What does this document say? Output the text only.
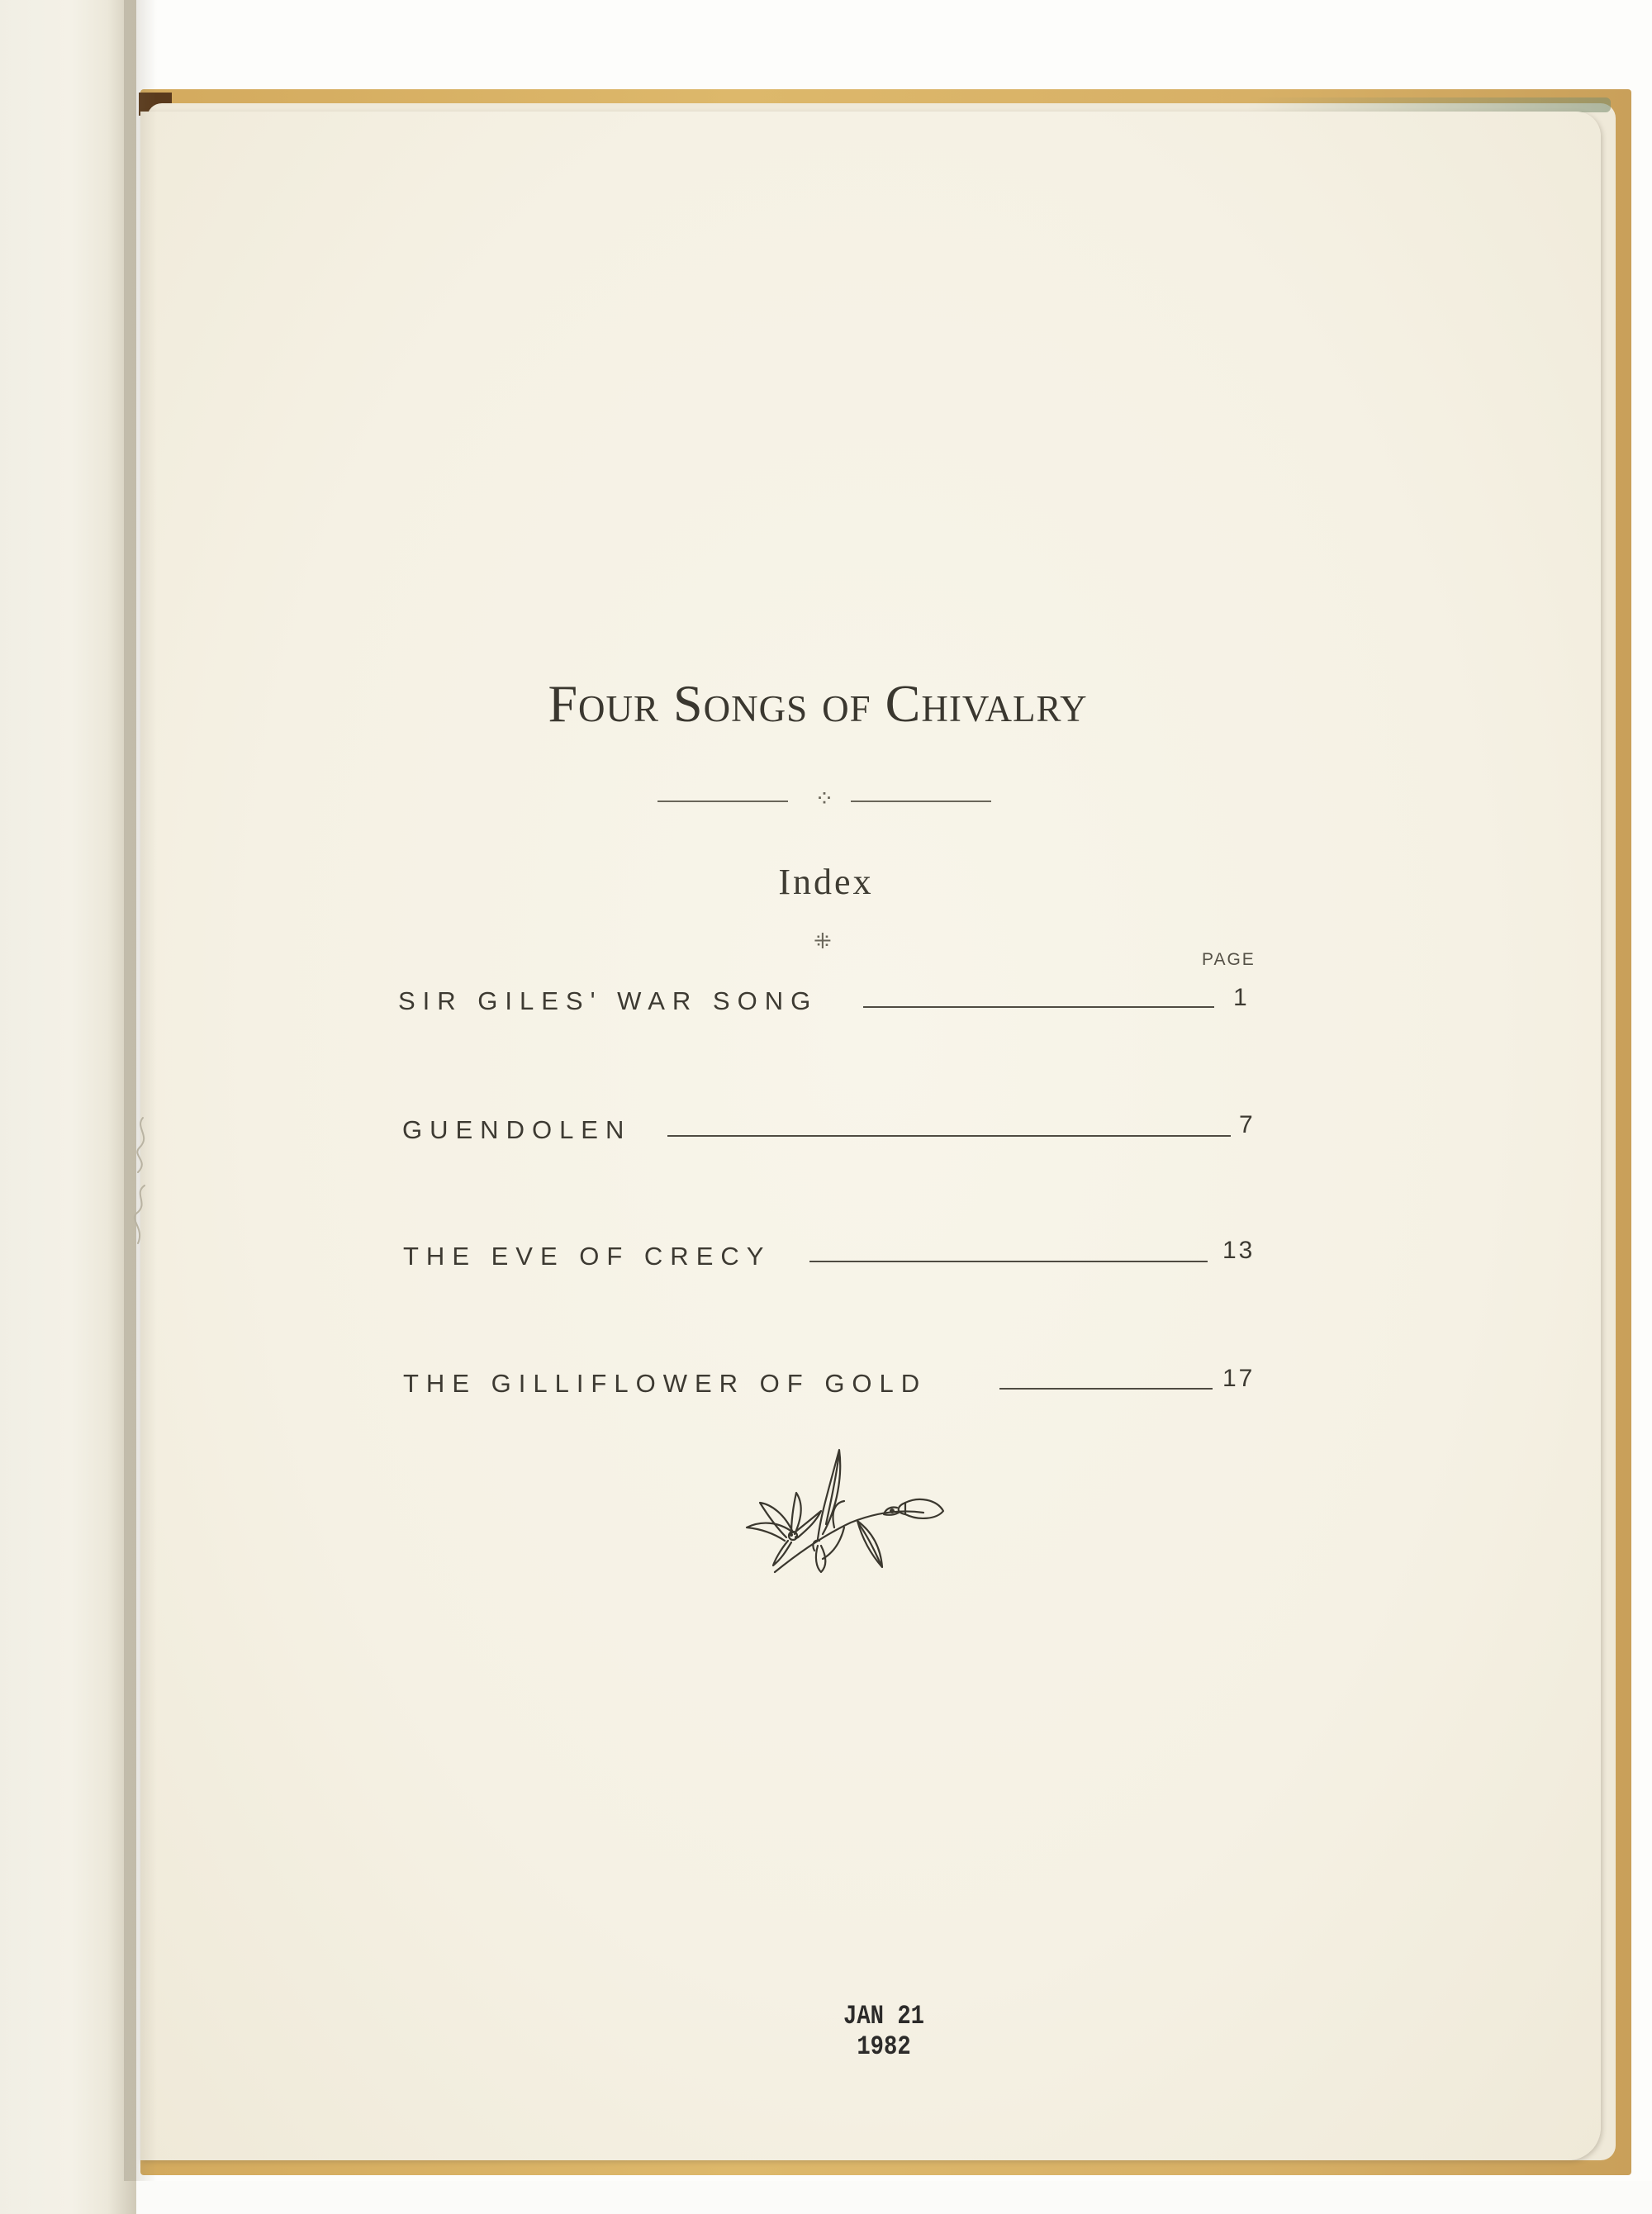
Four Songs of Chivalry
⁘
Index
⁜
PAGE
SIR GILES' WAR SONG	1
GUENDOLEN	7
THE EVE OF CRECY	13
THE GILLIFLOWER OF GOLD	17
JAN 21 1982
